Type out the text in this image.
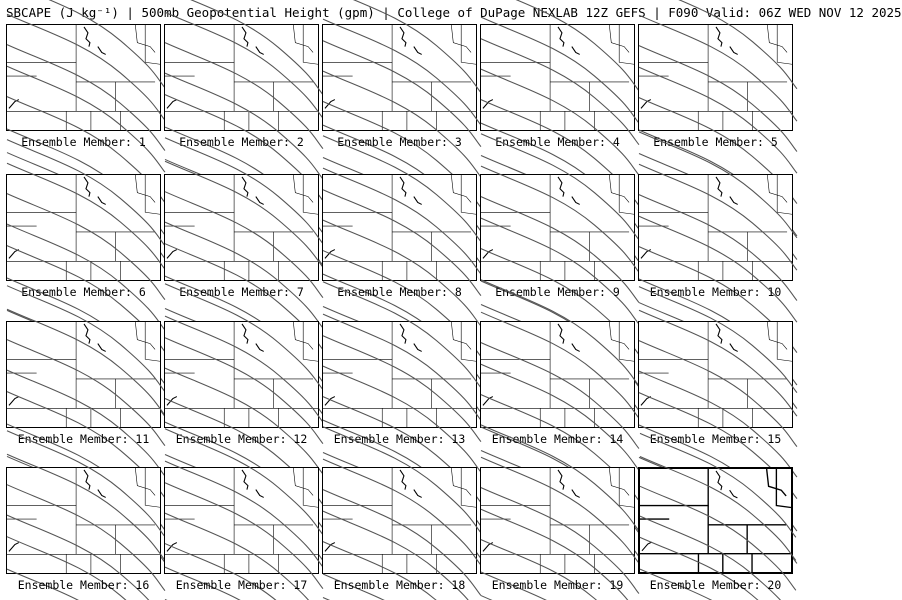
SBCAPE (J kg⁻¹) | 500mb Geopotential Height (gpm) | College of DuPage NEXLAB 12Z GEFS | F090 Valid: 06Z WED NOV 12 2025
Ensemble Member: 1	Ensemble Member: 2	Ensemble Member: 3	Ensemble Member: 4	Ensemble Member: 5
Ensemble Member: 6	Ensemble Member: 7	Ensemble Member: 8	Ensemble Member: 9	Ensemble Member: 10
Ensemble Member: 11	Ensemble Member: 12	Ensemble Member: 13	Ensemble Member: 14	Ensemble Member: 15
Ensemble Member: 16	Ensemble Member: 17	Ensemble Member: 18	Ensemble Member: 19	Ensemble Member: 20
